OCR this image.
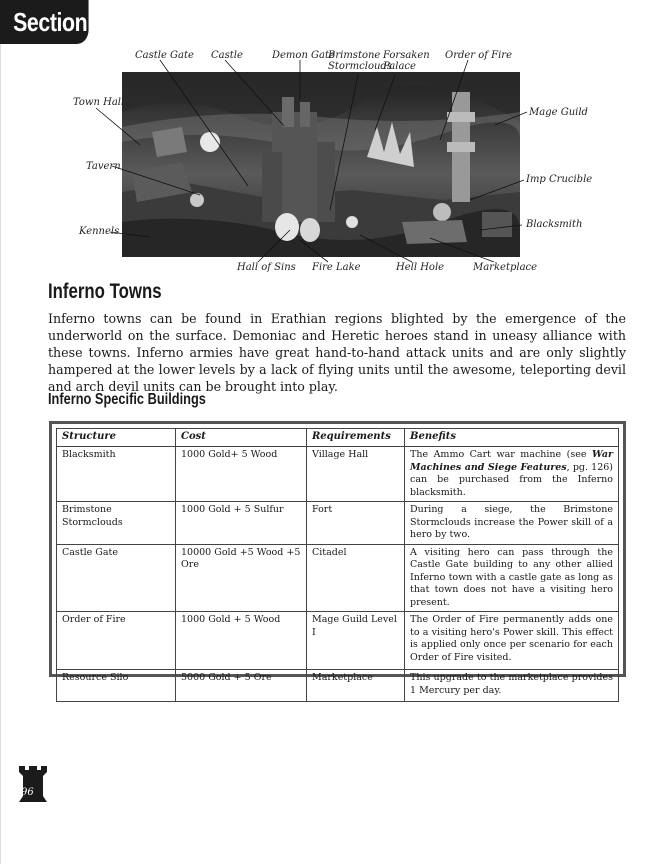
Section III	Castle Gate Castle	Demon Gate
Brimstone
Stormclouds
Forsaken
Palace
Order of Fire
Town Hall
Mage Guild
Tavern
Imp Crucible
Kennels
Blacksmith
Hall of Sins Fire Lake	Hell Hole	Marketplace
Inferno Towns

Inferno towns can be found in Erathian regions blighted by the emergence of the underworld on the surface. Demoniac and Heretic heroes stand in uneasy alliance with these towns. Inferno armies have great hand-to-hand attack units and are only slightly hampered at the lower levels by a lack of flying units until the awesome, teleporting devil and arch devil units can be brought into play.

Inferno Specific Buildings
Structure	Cost	Requirements	Benefits
Blacksmith	1000 Gold+ 5 Wood	Village Hall	The Ammo Cart war machine (see War Machines and Siege Features, pg. 126) can be purchased from the Inferno blacksmith.
Brimstone Stormclouds	1000 Gold + 5 Sulfur	Fort	During a siege, the Brimstone Stormclouds increase the Power skill of a hero by two.
Castle Gate	10000 Gold +5 Wood +5 Ore	Citadel	A visiting hero can pass through the Castle Gate building to any other allied Inferno town with a castle gate as long as that town does not have a visiting hero present.
Order of Fire	1000 Gold + 5 Wood	Mage Guild Level I	The Order of Fire permanently adds one to a visiting hero's Power skill. This effect is applied only once per scenario for each Order of Fire visited.
Resource Silo	5000 Gold + 5 Ore	Marketplace	This upgrade to the marketplace provides 1 Mercury per day.
96
